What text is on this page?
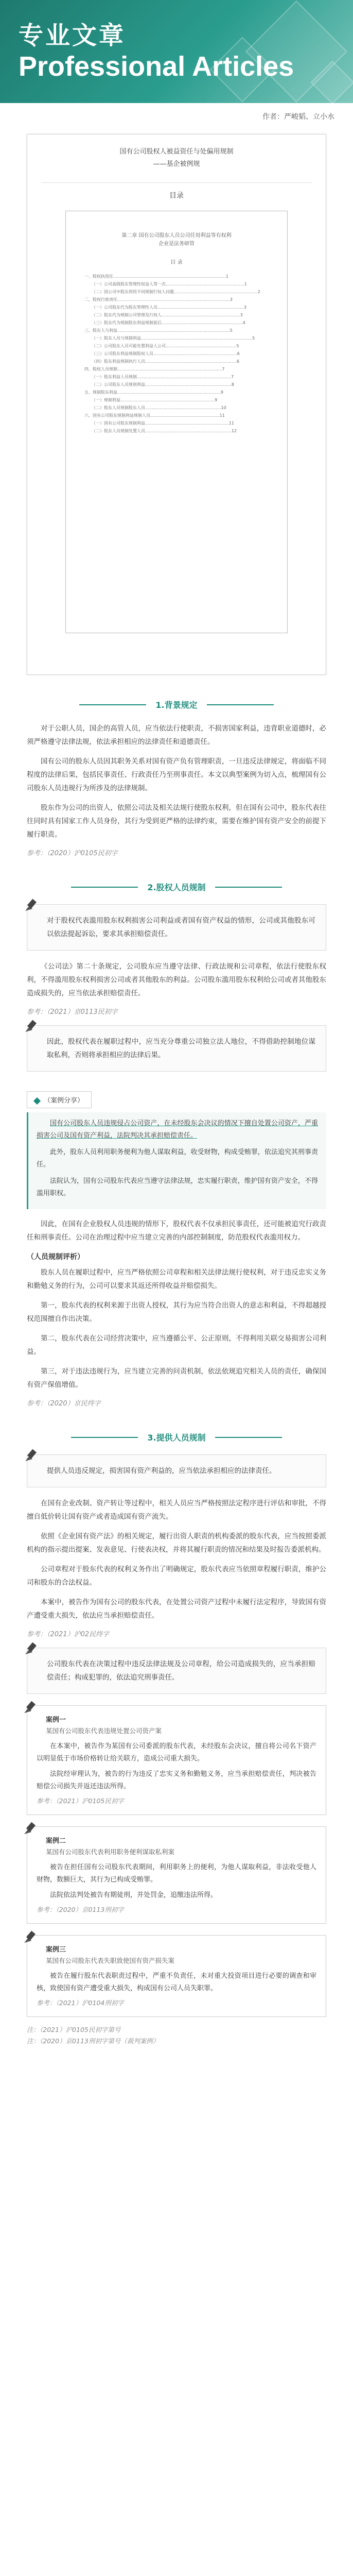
专业文章
Professional Articles
作者：严峻韬、立小水
国有公司股权人被益资任与处偏用规制
——基企被例规
目录
第二章 国有公司股东人员公司任用利益等有权利
企业是法务研管
目 录
一、股权执资任......................................................................................1
（一）公司高级股东管理性权益人等一次............................................................1
（二）国公司中股东利用不同规制行权人问题................................................................2
二、股权行政责任......................................................................................3
（一）公司股东代为股东管理性人员..................................................................3
（二）股东代为规制公司管理及行权人............................................................3
（三）股东代为规制股东利益规制前后..............................................................4
三、股东人与利益......................................................................................5
（一）股东人员与规制利益.....................................................................................5
（二）公司股东人员可能处置利益人公司......................................................5
（三）公司股东利益规制股权人员................................................................6
（四）股东利益规制执行人员......................................................................6
四、股权人员规制................................................................................7
（一）股东利益人员规制........................................................................7
（二）公司股东人员规则利益..................................................................8
五、规制股东利益...............................................................................9
（一）规制利益........................................................................9
（二）股东人员规制股东人员..........................................................10
六、国有公司股东规制利益规制人员.....................................................11
（一）国有公司股东规制利益................................................................11
（二）股东人员规制处置人员..................................................................12
1.背景规定

对于公职人员，国企的高管人员，应当依法行使职责，不损害国家利益，违背职业道德时，必须严格遵守法律法规，依法承担相应的法律责任和道德责任。

国有公司的股东人员因其职务关系对国有资产负有管理职责，一旦违反法律规定，将面临不同程度的法律后果，包括民事责任、行政责任乃至刑事责任。本文以典型案例为切入点，梳理国有公司股东人员违规行为所涉及的法律规制。

股东作为公司的出资人，依照公司法及相关法规行使股东权利，但在国有公司中，股东代表往往同时具有国家工作人员身份，其行为受到更严格的法律约束，需要在维护国有资产安全的前提下履行职责。

参考：（2020）沪0105民初字

2.股权人员规制
对于股权代表滥用股东权利损害公司利益或者国有资产权益的情形，公司或其他股东可以依法提起诉讼，要求其承担赔偿责任。

《公司法》第二十条规定，公司股东应当遵守法律、行政法规和公司章程，依法行使股东权利，不得滥用股东权利损害公司或者其他股东的利益。公司股东滥用股东权利给公司或者其他股东造成损失的，应当依法承担赔偿责任。

参考：（2021）京0113民初字

因此，股权代表在履职过程中，应当充分尊重公司独立法人地位，不得借助控制地位谋取私利，否则将承担相应的法律后果。
（案例分享）

国有公司股东人员违规侵占公司资产，在未经股东会决议的情况下擅自处置公司资产，严重损害公司及国有资产利益，法院判决其承担赔偿责任。

此外，股东人员利用职务便利为他人谋取利益，收受财物，构成受贿罪，依法追究其刑事责任。

法院认为，国有公司股东代表应当遵守法律法规，忠实履行职责，维护国有资产安全，不得滥用职权。

因此，在国有企业股权人员违规的情形下，股权代表不仅承担民事责任，还可能被追究行政责任和刑事责任。公司在治理过程中应当建立完善的内部控制制度，防范股权代表滥用权力。

（人员规制评析）

股东人员在履职过程中，应当严格依照公司章程和相关法律法规行使权利，对于违反忠实义务和勤勉义务的行为，公司可以要求其返还所得收益并赔偿损失。

第一，股东代表的权利来源于出资人授权，其行为应当符合出资人的意志和利益，不得超越授权范围擅自作出决策。

第二，股东代表在公司经营决策中，应当遵循公平、公正原则，不得利用关联交易损害公司利益。

第三，对于违法违规行为，应当建立完善的问责机制，依法依规追究相关人员的责任，确保国有资产保值增值。

参考：（2020）京民终字

3.提供人员规制
提供人员违反规定，损害国有资产利益的，应当依法承担相应的法律责任。

在国有企业改制、资产转让等过程中，相关人员应当严格按照法定程序进行评估和审批，不得擅自低价转让国有资产或者造成国有资产流失。

依照《企业国有资产法》的相关规定，履行出资人职责的机构委派的股东代表，应当按照委派机构的指示提出提案、发表意见、行使表决权，并将其履行职责的情况和结果及时报告委派机构。

公司章程对于股东代表的权利义务作出了明确规定，股东代表应当依照章程履行职责，维护公司和股东的合法权益。

本案中，被告作为国有公司的股东代表，在处置公司资产过程中未履行法定程序，导致国有资产遭受重大损失，依法应当承担赔偿责任。

参考：（2021）沪02民终字

公司股东代表在决策过程中违反法律法规及公司章程，给公司造成损失的，应当承担赔偿责任；构成犯罪的，依法追究刑事责任。
案例一
某国有公司股东代表违规处置公司资产案

在本案中，被告作为某国有公司委派的股东代表，未经股东会决议，擅自将公司名下资产以明显低于市场价格转让给关联方，造成公司重大损失。

法院经审理认为，被告的行为违反了忠实义务和勤勉义务，应当承担赔偿责任，判决被告赔偿公司损失并返还违法所得。

参考：（2021）沪0105民初字
案例二
某国有公司股东代表利用职务便利谋取私利案

被告在担任国有公司股东代表期间，利用职务上的便利，为他人谋取利益，非法收受他人财物，数额巨大，其行为已构成受贿罪。

法院依法判处被告有期徒刑，并处罚金，追缴违法所得。

参考：（2020）京0113刑初字
案例三
某国有公司股东代表失职致使国有资产损失案

被告在履行股东代表职责过程中，严重不负责任，未对重大投资项目进行必要的调查和审核，致使国有资产遭受重大损失，构成国有公司人员失职罪。

参考：（2021）沪0104刑初字
注：（2021）沪0105民初字第号
注：（2020）京0113刑初字第号（裁判案例）
